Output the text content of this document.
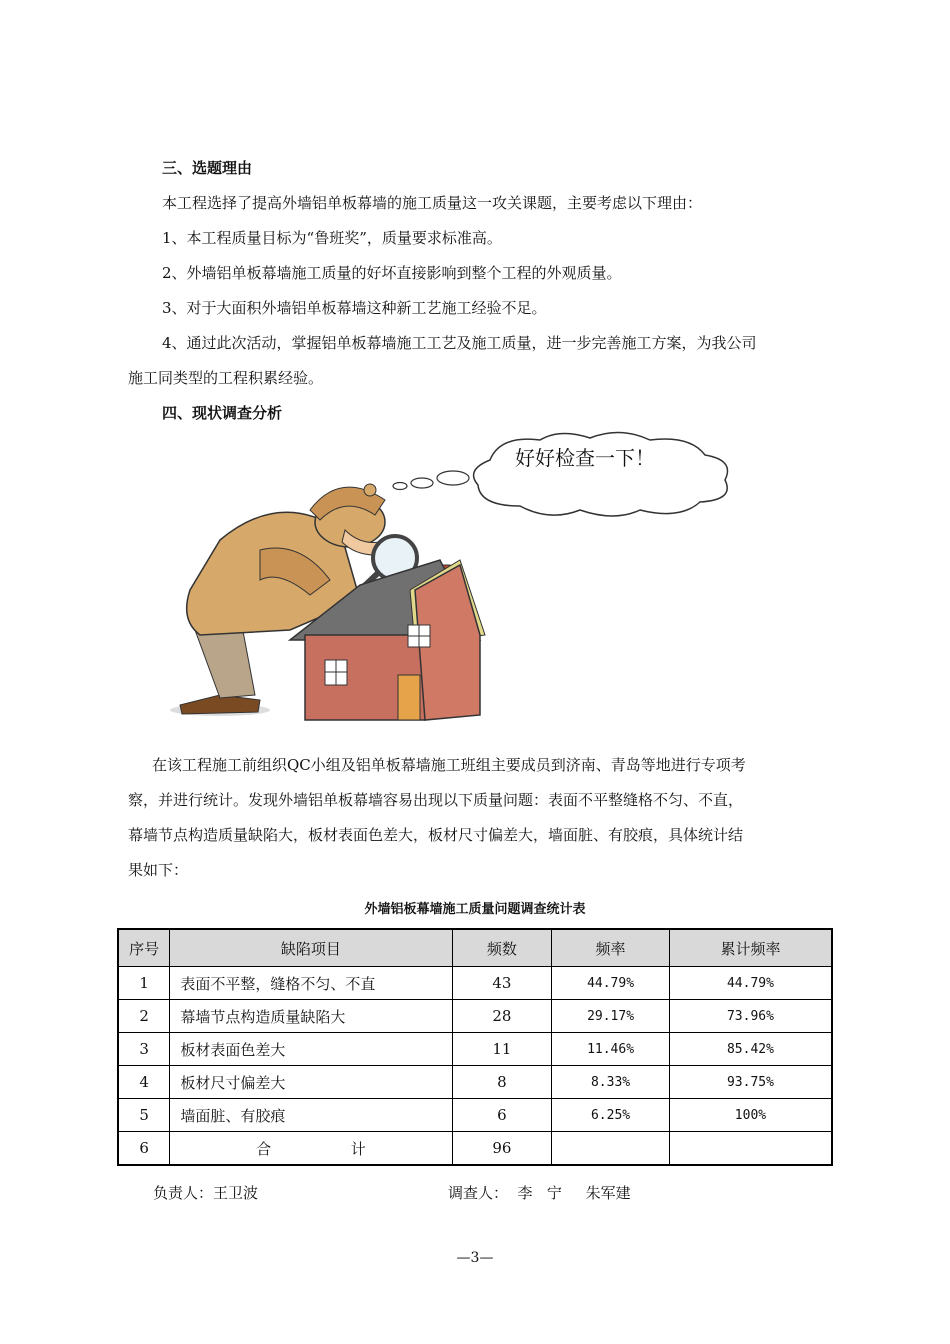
三、选题理由
本工程选择了提高外墙铝单板幕墙的施工质量这一攻关课题，主要考虑以下理由：
1、本工程质量目标为“鲁班奖”，质量要求标准高。
2、外墙铝单板幕墙施工质量的好坏直接影响到整个工程的外观质量。
3、对于大面积外墙铝单板幕墙这种新工艺施工经验不足。
4、通过此次活动，掌握铝单板幕墙施工工艺及施工质量，进一步完善施工方案，为我公司
施工同类型的工程积累经验。
四、现状调查分析
好好检查一下！
在该工程施工前组织QC小组及铝单板幕墙施工班组主要成员到济南、青岛等地进行专项考
察，并进行统计。发现外墙铝单板幕墙容易出现以下质量问题：表面不平整缝格不匀、不直，
幕墙节点构造质量缺陷大，板材表面色差大，板材尺寸偏差大，墙面脏、有胶痕，具体统计结
果如下：
外墙铝板幕墙施工质量问题调查统计表
序号	缺陷项目	频数	频率	累计频率
1	表面不平整，缝格不匀、不直	43	44.79%	44.79%
2	幕墙节点构造质量缺陷大	28	29.17%	73.96%
3	板材表面色差大	11	11.46%	85.42%
4	板材尺寸偏差大	8	8.33%	93.75%
5	墙面脏、有胶痕	6	6.25%	100%
6	合 计	96		
负责人：王卫波	调查人：  李   宁     朱军建
—3—
